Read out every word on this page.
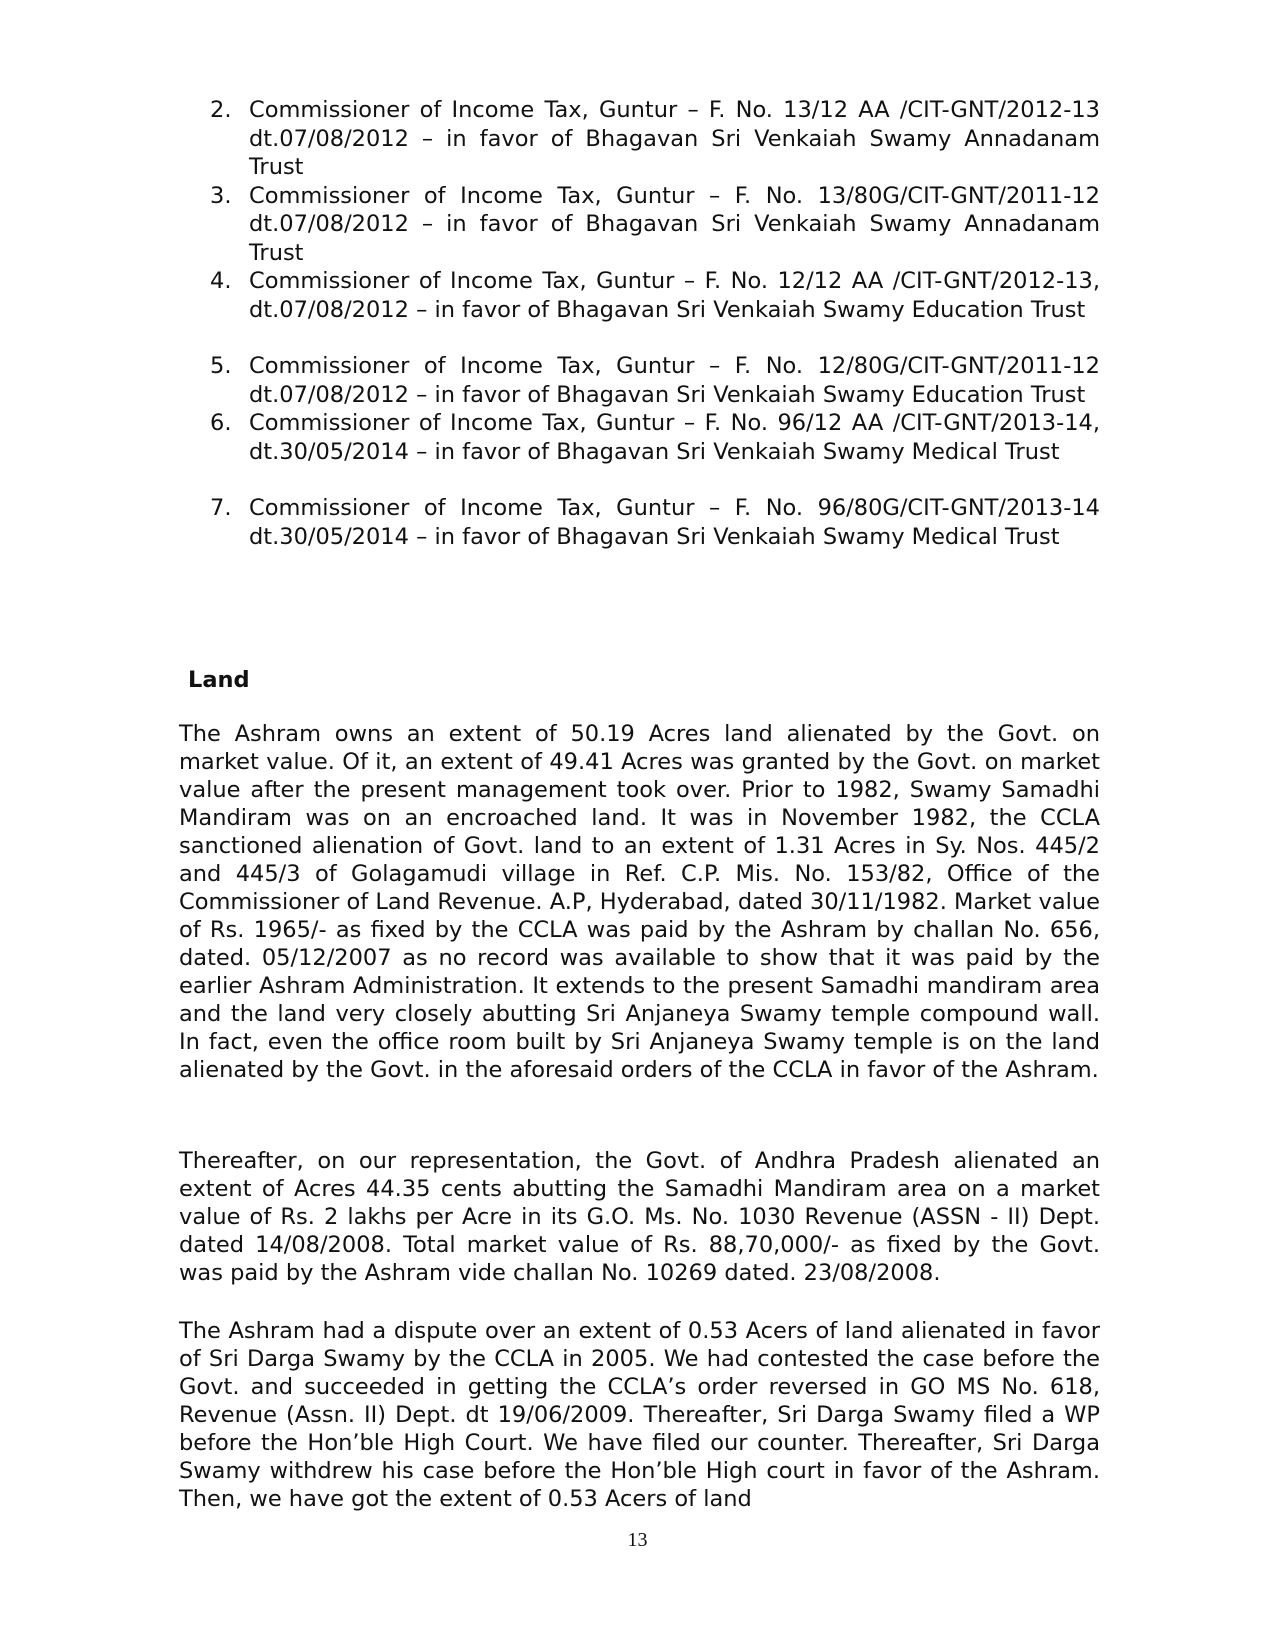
2. Commissioner of Income Tax, Guntur – F. No. 13/12 AA /CIT-GNT/2012-13 dt.07/08/2012 – in favor of Bhagavan Sri Venkaiah Swamy Annadanam Trust
3. Commissioner of Income Tax, Guntur – F. No. 13/80G/CIT-GNT/2011-12 dt.07/08/2012 – in favor of Bhagavan Sri Venkaiah Swamy Annadanam Trust
4. Commissioner of Income Tax, Guntur – F. No. 12/12 AA /CIT-GNT/2012-13, dt.07/08/2012 – in favor of Bhagavan Sri Venkaiah Swamy Education Trust
5. Commissioner of Income Tax, Guntur – F. No. 12/80G/CIT-GNT/2011-12 dt.07/08/2012 – in favor of Bhagavan Sri Venkaiah Swamy Education Trust
6. Commissioner of Income Tax, Guntur – F. No. 96/12 AA /CIT-GNT/2013-14, dt.30/05/2014 – in favor of Bhagavan Sri Venkaiah Swamy Medical Trust
7. Commissioner of Income Tax, Guntur – F. No. 96/80G/CIT-GNT/2013-14 dt.30/05/2014 – in favor of Bhagavan Sri Venkaiah Swamy Medical Trust
Land

The Ashram owns an extent of 50.19 Acres land alienated by the Govt. on market value. Of it, an extent of 49.41 Acres was granted by the Govt. on market value after the present management took over. Prior to 1982, Swamy Samadhi Mandiram was on an encroached land. It was in November 1982, the CCLA sanctioned alienation of Govt. land to an extent of 1.31 Acres in Sy. Nos. 445/2 and 445/3 of Golagamudi village in Ref. C.P. Mis. No. 153/82, Office of the Commissioner of Land Revenue. A.P, Hyderabad, dated 30/11/1982. Market value of Rs. 1965/- as fixed by the CCLA was paid by the Ashram by challan No. 656, dated. 05/12/2007 as no record was available to show that it was paid by the earlier Ashram Administration. It extends to the present Samadhi mandiram area and the land very closely abutting Sri Anjaneya Swamy temple compound wall. In fact, even the office room built by Sri Anjaneya Swamy temple is on the land alienated by the Govt. in the aforesaid orders of the CCLA in favor of the Ashram.

Thereafter, on our representation, the Govt. of Andhra Pradesh alienated an extent of Acres 44.35 cents abutting the Samadhi Mandiram area on a market value of Rs. 2 lakhs per Acre in its G.O. Ms. No. 1030 Revenue (ASSN - II) Dept. dated 14/08/2008. Total market value of Rs. 88,70,000/- as fixed by the Govt. was paid by the Ashram vide challan No. 10269 dated. 23/08/2008.

The Ashram had a dispute over an extent of 0.53 Acers of land alienated in favor of Sri Darga Swamy by the CCLA in 2005. We had contested the case before the Govt. and succeeded in getting the CCLA’s order reversed in GO MS No. 618, Revenue (Assn. II) Dept. dt 19/06/2009. Thereafter, Sri Darga Swamy filed a WP before the Hon’ble High Court. We have filed our counter. Thereafter, Sri Darga Swamy withdrew his case before the Hon’ble High court in favor of the Ashram. Then, we have got the extent of 0.53 Acers of land

13
